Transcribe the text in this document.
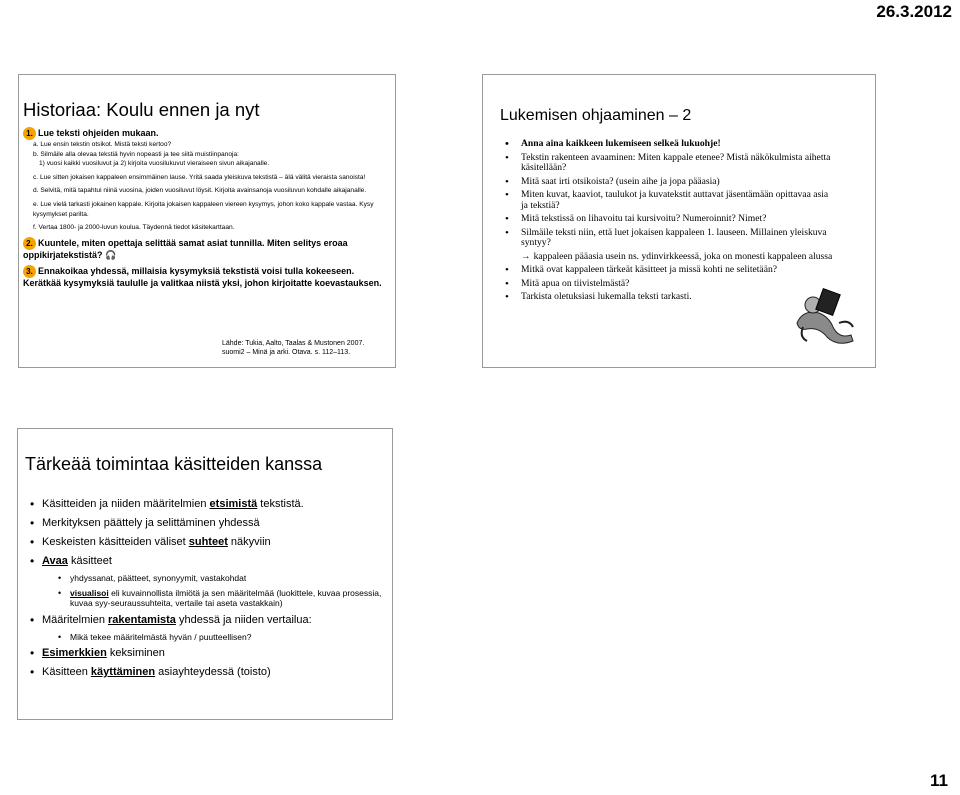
26.3.2012
Historiaa: Koulu ennen ja nyt
1. Lue teksti ohjeiden mukaan.
a. Lue ensin tekstin otsikot. Mistä teksti kertoo?
b. Silmäile alla olevaa tekstiä hyvin nopeasti ja tee siitä muistiinpanoja:
1) vuosi kaikki vuosiluvut ja 2) kirjoita vuosilukuvut vieraiseen sivun aikajanalle.
c. Lue sitten jokaisen kappaleen ensimmäinen lause. Yritä saada yleiskuva tekstistä – älä välitä vieraista sanoista!
d. Selvitä, mitä tapahtui niinä vuosina, joiden vuosiluvut löysit. Kirjoita avainsanoja vuosiluvun kohdalle aikajanalle.
e. Lue vielä tarkasti jokainen kappale. Kirjoita jokaisen kappaleen viereen kysymys, johon koko kappale vastaa. Kysy kysymykset parilta.
f. Vertaa 1800- ja 2000-luvun koulua. Täydennä tiedot käsitekarttaan.
2. Kuuntele, miten opettaja selittää samat asiat tunnilla. Miten selitys eroaa oppikirjatekstistä? 🎧
3. Ennakoikaa yhdessä, millaisia kysymyksiä tekstistä voisi tulla kokeeseen. Kerätkää kysymyksiä taululle ja valitkaa niistä yksi, johon kirjoitatte koevastauksen.
Lähde: Tukia, Aalto, Taalas & Mustonen 2007. suomi2 – Minä ja arki. Otava. s. 112–113.
Lukemisen ohjaaminen – 2
• Anna aina kaikkeen lukemiseen selkeä lukuohje!
• Tekstin rakenteen avaaminen: Miten kappale etenee? Mistä näkökulmista aihetta käsitellään?
• Mitä saat irti otsikoista? (usein aihe ja jopa pääasia)
• Miten kuvat, kaaviot, taulukot ja kuvatekstit auttavat jäsentämään opittavaa asia ja tekstiä?
• Mitä tekstissä on lihavoitu tai kursivoitu? Numeroinnit? Nimet?
• Silmäile teksti niin, että luet jokaisen kappaleen 1. lauseen. Millainen yleiskuva syntyy?
→ kappaleen pääasia usein ns. ydinvirkkeessä, joka on monesti kappaleen alussa
• Mitkä ovat kappaleen tärkeät käsitteet ja missä kohti ne selitetään?
• Mitä apua on tiivistelmästä?
• Tarkista oletuksiasi lukemalla teksti tarkasti.
Tärkeää toimintaa käsitteiden kanssa
• Käsitteiden ja niiden määritelmien etsimistä tekstistä.
• Merkityksen päättely ja selittäminen yhdessä
• Keskeisten käsitteiden väliset suhteet näkyviin
• Avaa käsitteet
• yhdyssanat, päätteet, synonyymit, vastakohdat
• visualisoi eli kuvainnollista ilmiötä ja sen määritelmää (luokittele, kuvaa prosessia, kuvaa syy-seuraussuhteita, vertaile tai aseta vastakkain)
• Määritelmien rakentamista yhdessä ja niiden vertailua:
• Mikä tekee määritelmästä hyvän / puutteellisen?
• Esimerkkien keksiminen
• Käsitteen käyttäminen asiayhteydessä (toisto)
11
